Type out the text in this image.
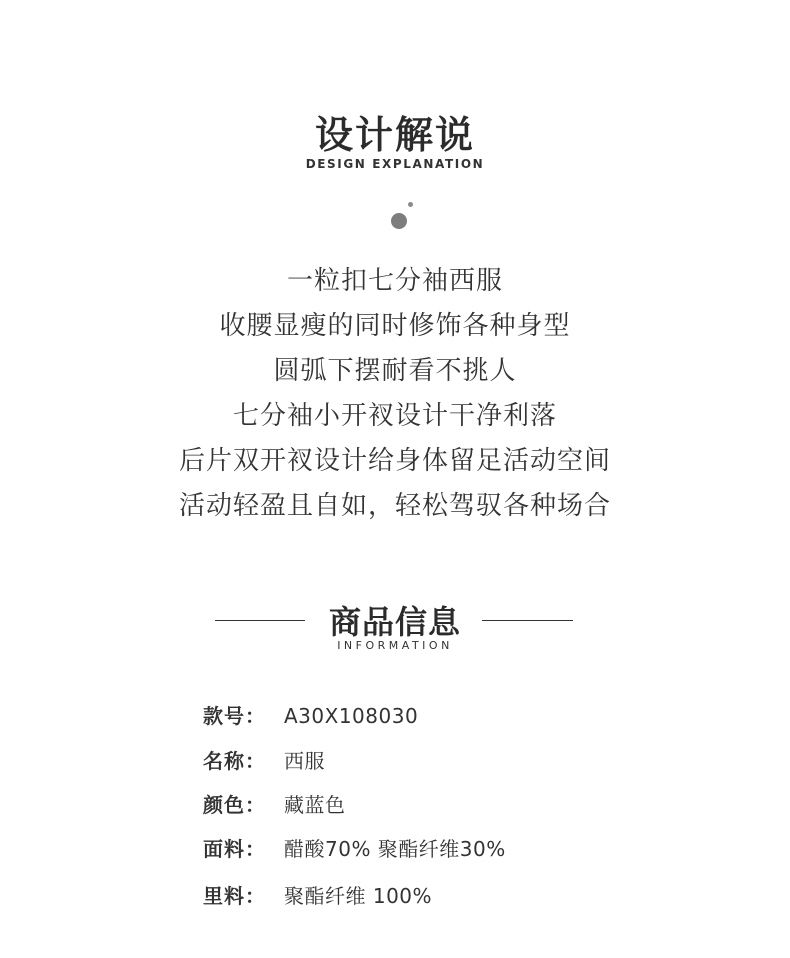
设计解说
DESIGN EXPLANATION
一粒扣七分袖西服
收腰显瘦的同时修饰各种身型
圆弧下摆耐看不挑人
七分袖小开衩设计干净利落
后片双开衩设计给身体留足活动空间
活动轻盈且自如，轻松驾驭各种场合
商品信息
INFORMATION
款号： A30X108030
名称： 西服
颜色： 藏蓝色
面料： 醋酸70% 聚酯纤维30%
里料： 聚酯纤维 100%
